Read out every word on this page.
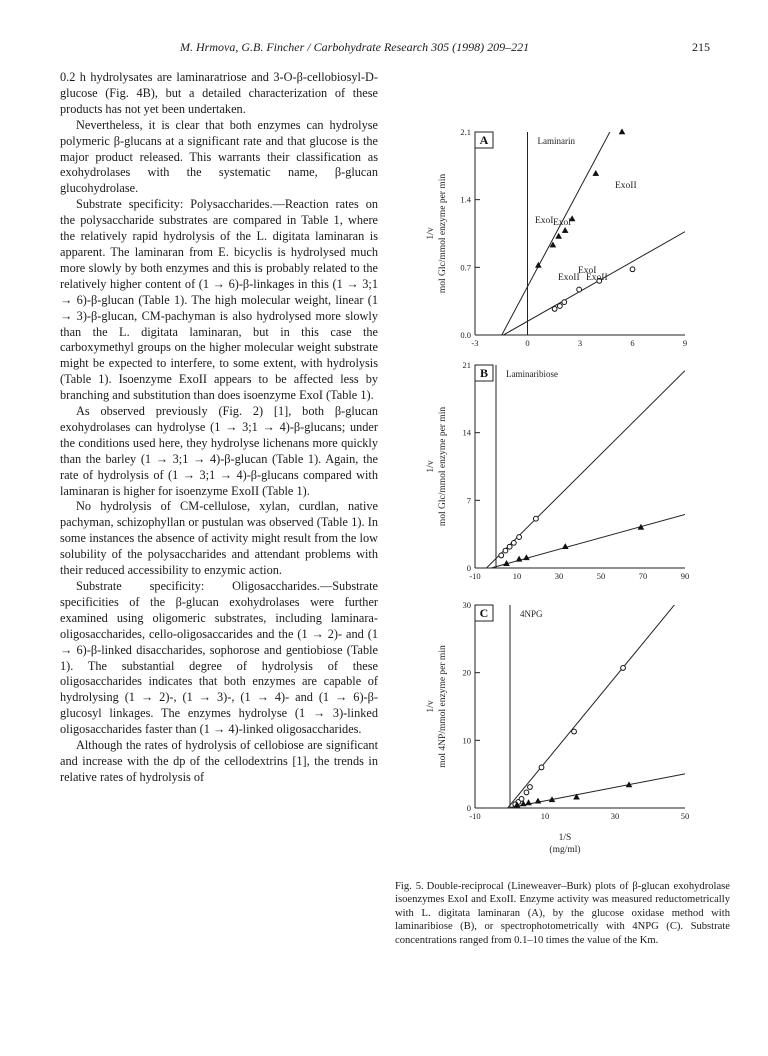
M. Hrmova, G.B. Fincher / Carbohydrate Research 305 (1998) 209–221	215

0.2 h hydrolysates are laminaratriose and 3-O-β-cellobiosyl-D-glucose (Fig. 4B), but a detailed characterization of these products has not yet been undertaken.

Nevertheless, it is clear that both enzymes can hydrolyse polymeric β-glucans at a significant rate and that glucose is the major product released. This warrants their classification as exohydrolases with the systematic name, β-glucan glucohydrolase.

Substrate specificity: Polysaccharides.—Reaction rates on the polysaccharide substrates are compared in Table 1, where the relatively rapid hydrolysis of the L. digitata laminaran is apparent. The laminaran from E. bicyclis is hydrolysed much more slowly by both enzymes and this is probably related to the relatively higher content of (1 → 6)-β-linkages in this (1 → 3;1 → 6)-β-glucan (Table 1). The high molecular weight, linear (1 → 3)-β-glucan, CM-pachyman is also hydrolysed more slowly than the L. digitata laminaran, but in this case the carboxymethyl groups on the higher molecular weight substrate might be expected to interfere, to some extent, with hydrolysis (Table 1). Isoenzyme ExoII appears to be affected less by branching and substitution than does isoenzyme ExoI (Table 1).

As observed previously (Fig. 2) [1], both β-glucan exohydrolases can hydrolyse (1 → 3;1 → 4)-β-glucans; under the conditions used here, they hydrolyse lichenans more quickly than the barley (1 → 3;1 → 4)-β-glucan (Table 1). Again, the rate of hydrolysis of (1 → 3;1 → 4)-β-glucans compared with laminaran is higher for isoenzyme ExoII (Table 1).

No hydrolysis of CM-cellulose, xylan, curdlan, native pachyman, schizophyllan or pustulan was observed (Table 1). In some instances the absence of activity might result from the low solubility of the polysaccharides and attendant problems with their reduced accessibility to enzymic action.

Substrate specificity: Oligosaccharides.—Substrate specificities of the β-glucan exohydrolases were further examined using oligomeric substrates, including laminara-oligosaccharides, cello-oligosaccarides and the (1 → 2)- and (1 → 6)-β-linked disaccharides, sophorose and gentiobiose (Table 1). The substantial degree of hydrolysis of these oligosaccharides indicates that both enzymes are capable of hydrolysing (1 → 2)-, (1 → 3)-, (1 → 4)- and (1 → 6)-β-glucosyl linkages. The enzymes hydrolyse (1 → 3)-linked oligosaccharides faster than (1 → 4)-linked oligosaccharides.

Although the rates of hydrolysis of cellobiose are significant and increase with the dp of the cellodextrins [1], the trends in relative rates of hydrolysis of

0.0
0.7
1.4
2.1
-3	0	3	6	9
A	Laminarin
1/v mol Glc/mmol enzyme per min	ExoII
ExoI
0
7
14
21
-10	10	30	50	70	90
B Laminaribiose
1/v mol Glc/mmol enzyme per min
ExoI
ExoII
0
10
20
30
-10	10	30	50
C	4NPG
1/v mol 4NP/mmol enzyme per min
1/S
(mg/ml)
Exol
ExoII
Fig. 5. Double-reciprocal (Lineweaver–Burk) plots of β-glucan exohydrolase isoenzymes ExoI and ExoII. Enzyme activity was measured reductometrically with L. digitata laminaran (A), by the glucose oxidase method with laminaribiose (B), or spectrophotometrically with 4NPG (C). Substrate concentrations ranged from 0.1–10 times the value of the Km.
